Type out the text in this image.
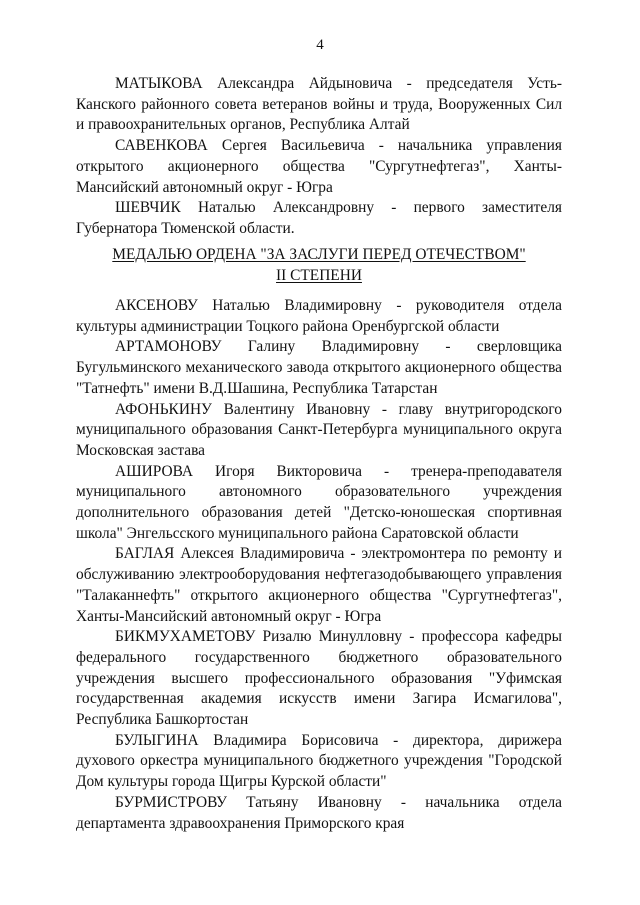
4

МАТЫКОВА Александра Айдыновича - председателя Усть-Канского районного совета ветеранов войны и труда, Вооруженных Сил и правоохранительных органов, Республика Алтай

САВЕНКОВА Сергея Васильевича - начальника управления открытого акционерного общества "Сургутнефтегаз", Ханты-Мансийский автономный округ - Югра

ШЕВЧИК Наталью Александровну - первого заместителя Губернатора Тюменской области.

МЕДАЛЬЮ ОРДЕНА "ЗА ЗАСЛУГИ ПЕРЕД ОТЕЧЕСТВОМ"
II СТЕПЕНИ

АКСЕНОВУ Наталью Владимировну - руководителя отдела культуры администрации Тоцкого района Оренбургской области

АРТАМОНОВУ Галину Владимировну - сверловщика Бугульминского механического завода открытого акционерного общества "Татнефть" имени В.Д.Шашина, Республика Татарстан

АФОНЬКИНУ Валентину Ивановну - главу внутригородского муниципального образования Санкт-Петербурга муниципального округа Московская застава

АШИРОВА Игоря Викторовича - тренера-преподавателя муниципального автономного образовательного учреждения дополнительного образования детей "Детско-юношеская спортивная школа" Энгельсского муниципального района Саратовской области

БАГЛАЯ Алексея Владимировича - электромонтера по ремонту и обслуживанию электрооборудования нефтегазодобывающего управления "Талаканнефть" открытого акционерного общества "Сургутнефтегаз", Ханты-Мансийский автономный округ - Югра

БИКМУХАМЕТОВУ Ризалю Минулловну - профессора кафедры федерального государственного бюджетного образовательного учреждения высшего профессионального образования "Уфимская государственная академия искусств имени Загира Исмагилова", Республика Башкортостан

БУЛЫГИНА Владимира Борисовича - директора, дирижера духового оркестра муниципального бюджетного учреждения "Городской Дом культуры города Щигры Курской области"

БУРМИСТРОВУ Татьяну Ивановну - начальника отдела департамента здравоохранения Приморского края
